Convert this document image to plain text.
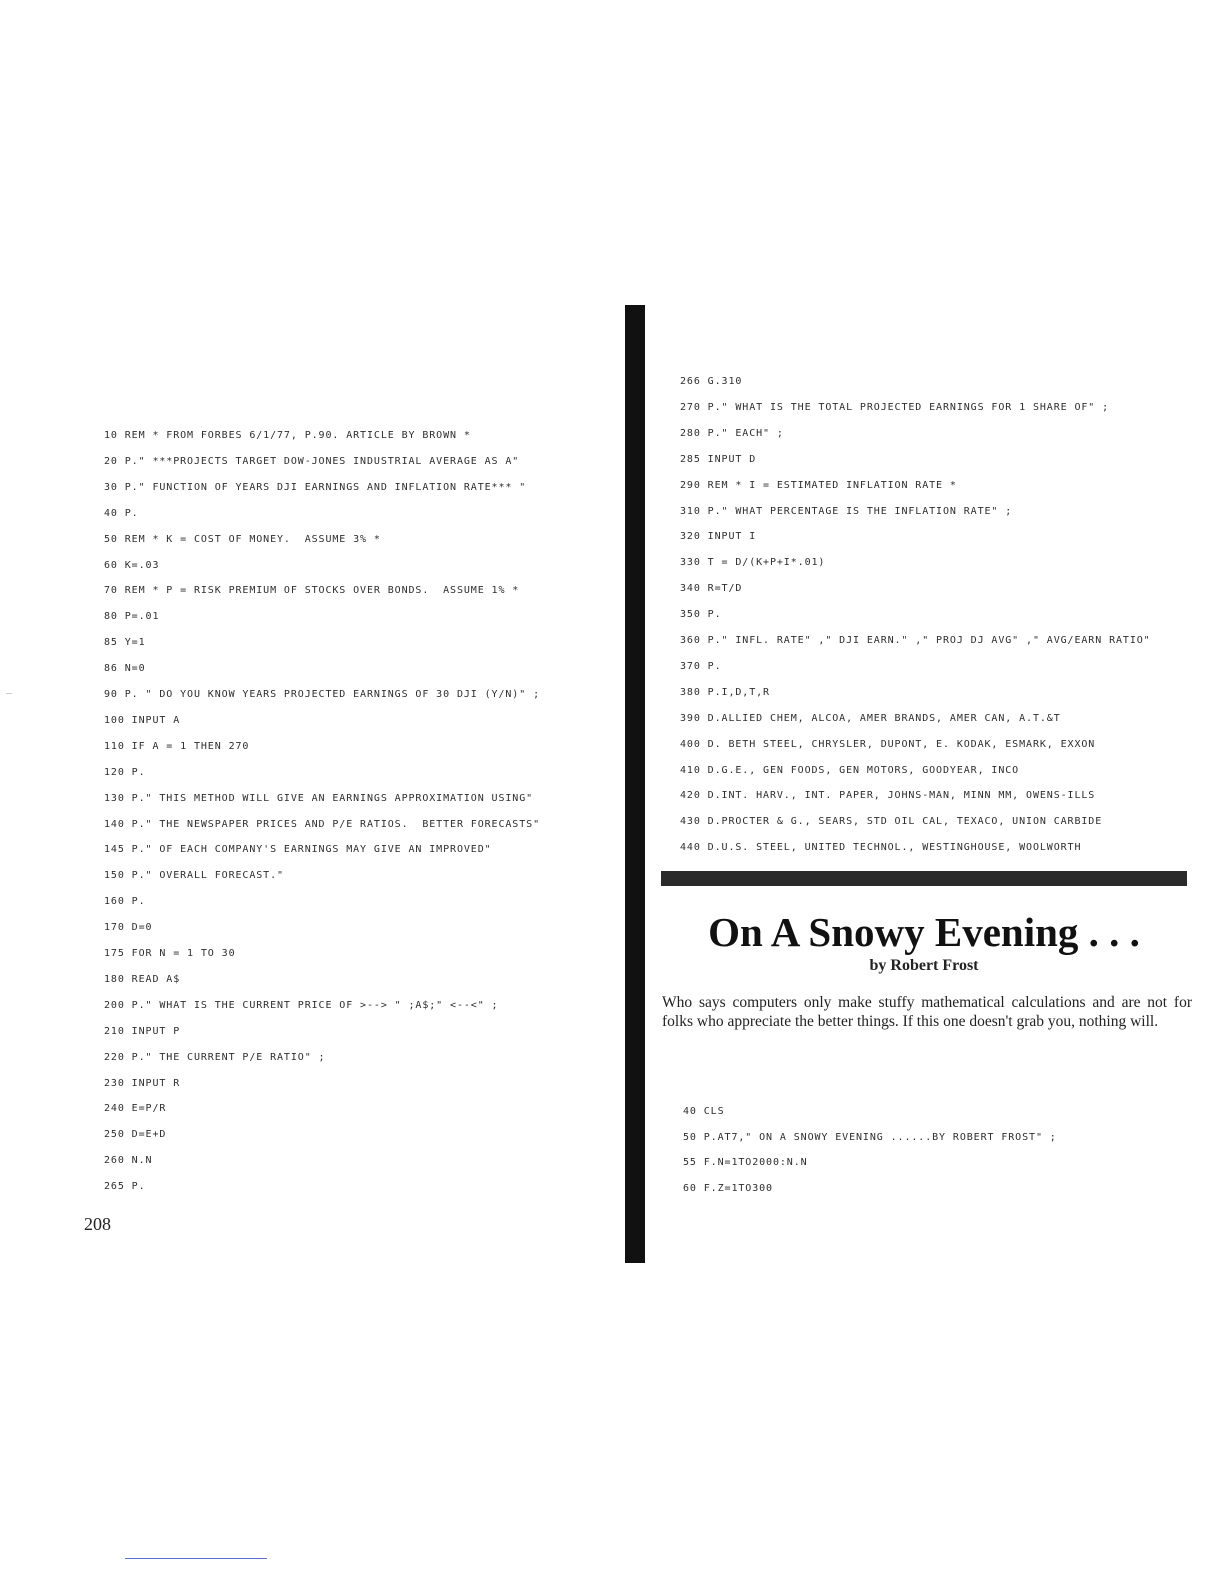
10 REM * FROM FORBES 6/1/77, P.90. ARTICLE BY BROWN *
20 P." ***PROJECTS TARGET DOW-JONES INDUSTRIAL AVERAGE AS A"
30 P." FUNCTION OF YEARS DJI EARNINGS AND INFLATION RATE*** "
40 P.
50 REM * K = COST OF MONEY.  ASSUME 3% *
60 K=.03
70 REM * P = RISK PREMIUM OF STOCKS OVER BONDS.  ASSUME 1% *
80 P=.01
85 Y=1
86 N=0
90 P. " DO YOU KNOW YEARS PROJECTED EARNINGS OF 30 DJI (Y/N)" ;
100 INPUT A
110 IF A = 1 THEN 270
120 P.
130 P." THIS METHOD WILL GIVE AN EARNINGS APPROXIMATION USING"
140 P." THE NEWSPAPER PRICES AND P/E RATIOS.  BETTER FORECASTS"
145 P." OF EACH COMPANY'S EARNINGS MAY GIVE AN IMPROVED"
150 P." OVERALL FORECAST."
160 P.
170 D=0
175 FOR N = 1 TO 30
180 READ A$
200 P." WHAT IS THE CURRENT PRICE OF >--> " ;A$;" <--<" ;
210 INPUT P
220 P." THE CURRENT P/E RATIO" ;
230 INPUT R
240 E=P/R
250 D=E+D
260 N.N
265 P.
208
266 G.310
270 P." WHAT IS THE TOTAL PROJECTED EARNINGS FOR 1 SHARE OF" ;
280 P." EACH" ;
285 INPUT D
290 REM * I = ESTIMATED INFLATION RATE *
310 P." WHAT PERCENTAGE IS THE INFLATION RATE" ;
320 INPUT I
330 T = D/(K+P+I*.01)
340 R=T/D
350 P.
360 P." INFL. RATE" ," DJI EARN." ," PROJ DJ AVG" ," AVG/EARN RATIO"
370 P.
380 P.I,D,T,R
390 D.ALLIED CHEM, ALCOA, AMER BRANDS, AMER CAN, A.T.&T
400 D. BETH STEEL, CHRYSLER, DUPONT, E. KODAK, ESMARK, EXXON
410 D.G.E., GEN FOODS, GEN MOTORS, GOODYEAR, INCO
420 D.INT. HARV., INT. PAPER, JOHNS-MAN, MINN MM, OWENS-ILLS
430 D.PROCTER & G., SEARS, STD OIL CAL, TEXACO, UNION CARBIDE
440 D.U.S. STEEL, UNITED TECHNOL., WESTINGHOUSE, WOOLWORTH
On A Snowy Evening . . .

by Robert Frost

Who says computers only make stuffy mathematical calculations and are not for folks who appreciate the better things. If this one doesn't grab you, nothing will.

40 CLS
50 P.AT7," ON A SNOWY EVENING ......BY ROBERT FROST" ;
55 F.N=1TO2000:N.N
60 F.Z=1TO300
